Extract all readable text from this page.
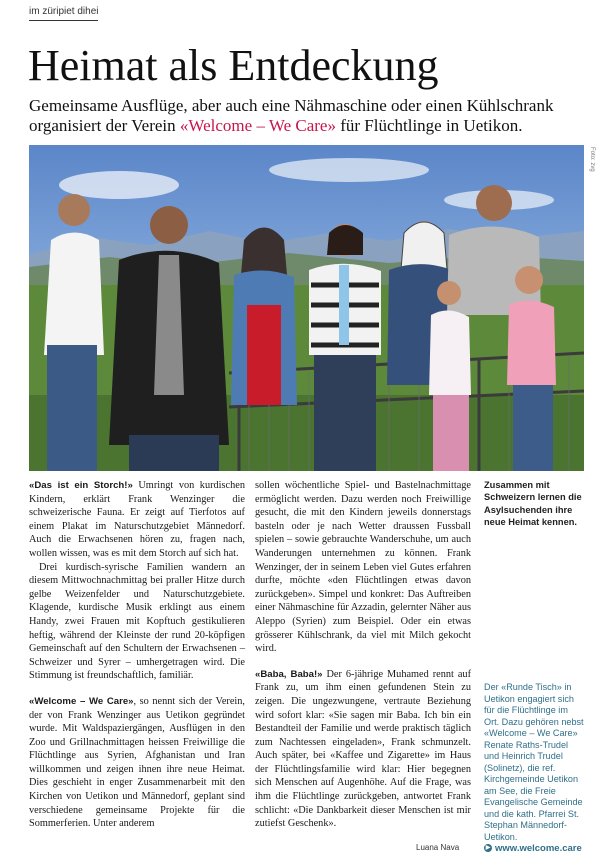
im züripiet dihei
Heimat als Entdeckung
Gemeinsame Ausflüge, aber auch eine Nähmaschine oder einen Kühlschrank organisiert der Verein «Welcome – We Care» für Flüchtlinge in Uetikon.
Foto: zvg

«Das ist ein Storch!» Umringt von kurdischen Kindern, erklärt Frank Wenzinger die schweizerische Fauna. Er zeigt auf Tierfotos auf einem Plakat im Naturschutzgebiet Männedorf. Auch die Erwachsenen hören zu, fragen nach, wollen wissen, was es mit dem Storch auf sich hat.

Drei kurdisch-syrische Familien wandern an diesem Mittwochnachmittag bei praller Hitze durch gelbe Weizenfelder und Naturschutzgebiete. Klagende, kurdische Musik erklingt aus einem Handy, zwei Frauen mit Kopftuch gestikulieren heftig, während der Kleinste der rund 20-köpfigen Gemeinschaft auf den Schultern der Erwachsenen – Schweizer und Syrer – umhergetragen wird. Die Stimmung ist freundschaftlich, familiär.

«Welcome – We Care», so nennt sich der Verein, der von Frank Wenzinger aus Uetikon gegründet wurde. Mit Waldspaziergängen, Ausflügen in den Zoo und Grillnachmittagen heissen Freiwillige die Flüchtlinge aus Syrien, Afghanistan und Iran willkommen und zeigen ihnen ihre neue Heimat. Dies geschieht in enger Zusammenarbeit mit den Kirchen von Uetikon und Männedorf, geplant sind verschiedene gemeinsame Projekte für die Sommerferien. Unter anderem

sollen wöchentliche Spiel- und Bastelnachmittage ermöglicht werden. Dazu werden noch Freiwillige gesucht, die mit den Kindern jeweils donnerstags basteln oder je nach Wetter draussen Fussball spielen – sowie gebrauchte Wanderschuhe, um auch Wanderungen unternehmen zu können. Frank Wenzinger, der in seinem Leben viel Gutes erfahren durfte, möchte «den Flüchtlingen etwas davon zurückgeben». Simpel und konkret: Das Auftreiben einer Nähmaschine für Azzadin, gelernter Näher aus Aleppo (Syrien) zum Beispiel. Oder ein etwas grösserer Kühlschrank, da viel mit Milch gekocht wird.

«Baba, Baba!» Der 6-jährige Muhamed rennt auf Frank zu, um ihm einen gefundenen Stein zu zeigen. Die ungezwungene, vertraute Beziehung wird sofort klar: «Sie sagen mir Baba. Ich bin ein Bestandteil der Familie und werde praktisch täglich zum Nachtessen eingeladen», Frank schmunzelt. Auch später, bei «Kaffee und Zigarette» im Haus der Flüchtlingsfamilie wird klar: Hier begegnen sich Menschen auf Augenhöhe. Auf die Frage, was ihm die Flüchtlinge zurückgeben, antwortet Frank schlicht: «Die Dankbarkeit dieser Menschen ist mir zutiefst Geschenk».

Zusammen mit Schweizern lernen die Asylsuchenden ihre neue Heimat kennen.
Der «Runde Tisch» in Uetikon engagiert sich für die Flüchtlinge im Ort. Dazu gehören nebst «Welcome – We Care» Renate Raths-Trudel und Heinrich Trudel (Solinetz), die ref. Kirchgemeinde Uetikon am See, die Freie Evangelische Gemeinde und die kath. Pfarrei St. Stephan Männedorf-Uetikon.
Luana Nava	▶ www.welcome.care
